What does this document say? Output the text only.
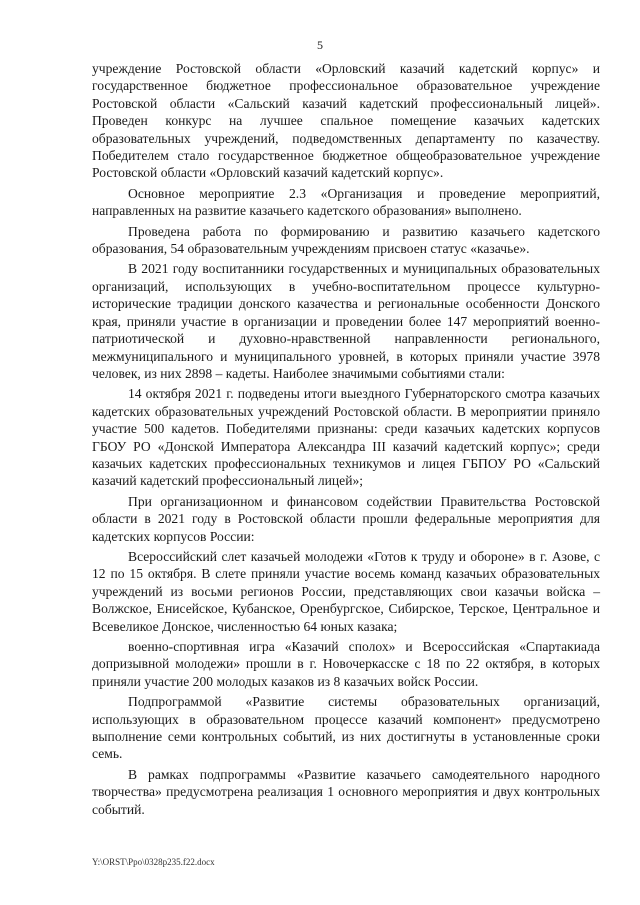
5

учреждение Ростовской области «Орловский казачий кадетский корпус» и государственное бюджетное профессиональное образовательное учреждение Ростовской области «Сальский казачий кадетский профессиональный лицей». Проведен конкурс на лучшее спальное помещение казачьих кадетских образовательных учреждений, подведомственных департаменту по казачеству. Победителем стало государственное бюджетное общеобразовательное учреждение Ростовской области «Орловский казачий кадетский корпус».

Основное мероприятие 2.3 «Организация и проведение мероприятий, направленных на развитие казачьего кадетского образования» выполнено.

Проведена работа по формированию и развитию казачьего кадетского образования, 54 образовательным учреждениям присвоен статус «казачье».

В 2021 году воспитанники государственных и муниципальных образовательных организаций, использующих в учебно-воспитательном процессе культурно-исторические традиции донского казачества и региональные особенности Донского края, приняли участие в организации и проведении более 147 мероприятий военно-патриотической и духовно-нравственной направленности регионального, межмуниципального и муниципального уровней, в которых приняли участие 3978 человек, из них 2898 – кадеты. Наиболее значимыми событиями стали:

14 октября 2021 г. подведены итоги выездного Губернаторского смотра казачьих кадетских образовательных учреждений Ростовской области. В мероприятии приняло участие 500 кадетов. Победителями признаны: среди казачьих кадетских корпусов ГБОУ РО «Донской Императора Александра III казачий кадетский корпус»; среди казачьих кадетских профессиональных техникумов и лицея ГБПОУ РО «Сальский казачий кадетский профессиональный лицей»;

При организационном и финансовом содействии Правительства Ростовской области в 2021 году в Ростовской области прошли федеральные мероприятия для кадетских корпусов России:

Всероссийский слет казачьей молодежи «Готов к труду и обороне» в г. Азове, с 12 по 15 октября. В слете приняли участие восемь команд казачьих образовательных учреждений из восьми регионов России, представляющих свои казачьи войска – Волжское, Енисейское, Кубанское, Оренбургское, Сибирское, Терское, Центральное и Всевеликое Донское, численностью 64 юных казака;

военно-спортивная игра «Казачий сполох» и Всероссийская «Спартакиада допризывной молодежи» прошли в г. Новочеркасске с 18 по 22 октября, в которых приняли участие 200 молодых казаков из 8 казачьих войск России.

Подпрограммой «Развитие системы образовательных организаций, использующих в образовательном процессе казачий компонент» предусмотрено выполнение семи контрольных событий, из них достигнуты в установленные сроки семь.

В рамках подпрограммы «Развитие казачьего самодеятельного народного творчества» предусмотрена реализация 1 основного мероприятия и двух контрольных событий.

Y:\ORST\Ppo\0328p235.f22.docx
